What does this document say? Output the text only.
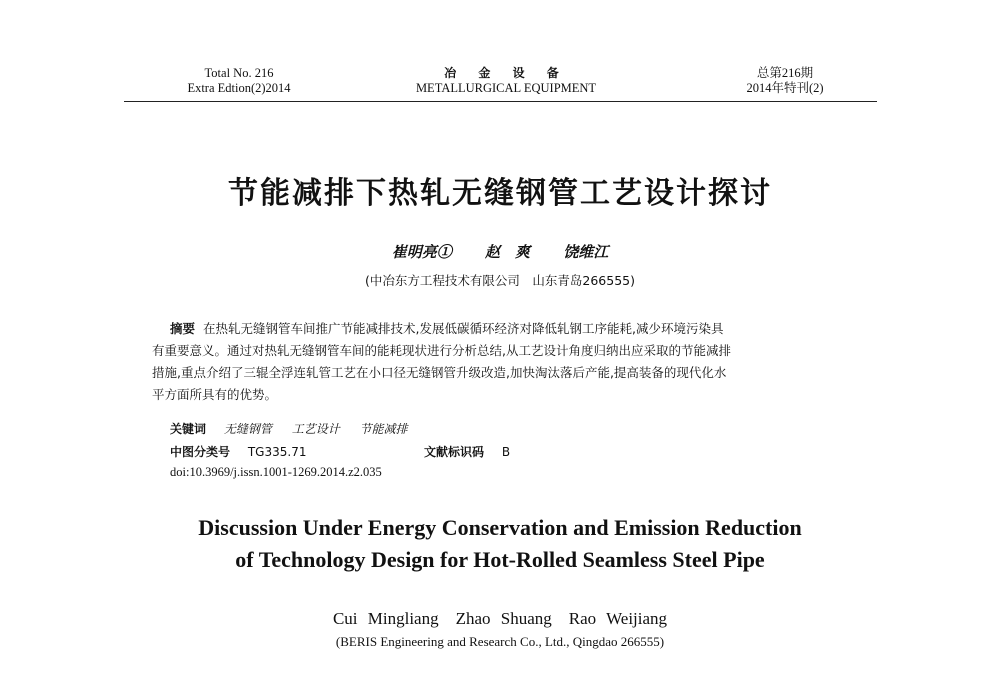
Total No. 216
Extra Edtion(2)2014
冶 金 设 备
METALLURGICAL EQUIPMENT
总第216期
2014年特刊(2)
节能减排下热轧无缝钢管工艺设计探讨
崔明亮① 赵　爽 饶维江
(中冶东方工程技术有限公司　山东青岛266555)

摘要 在热轧无缝钢管车间推广节能减排技术,发展低碳循环经济对降低轧钢工序能耗,减少环境污染具

有重要意义。通过对热轧无缝钢管车间的能耗现状进行分析总结,从工艺设计角度归纳出应采取的节能减排

措施,重点介绍了三辊全浮连轧管工艺在小口径无缝钢管升级改造,加快淘汰落后产能,提高装备的现代化水

平方面所具有的优势。

关键词 无缝钢管 工艺设计 节能减排
中图分类号 TG335.71	文献标识码 B
doi:10.3969/j.issn.1001-1269.2014.z2.035
Discussion Under Energy Conservation and Emission Reduction
of Technology Design for Hot-Rolled Seamless Steel Pipe
Cui Mingliang　Zhao Shuang　Rao Weijiang
(BERIS Engineering and Research Co., Ltd., Qingdao 266555)
